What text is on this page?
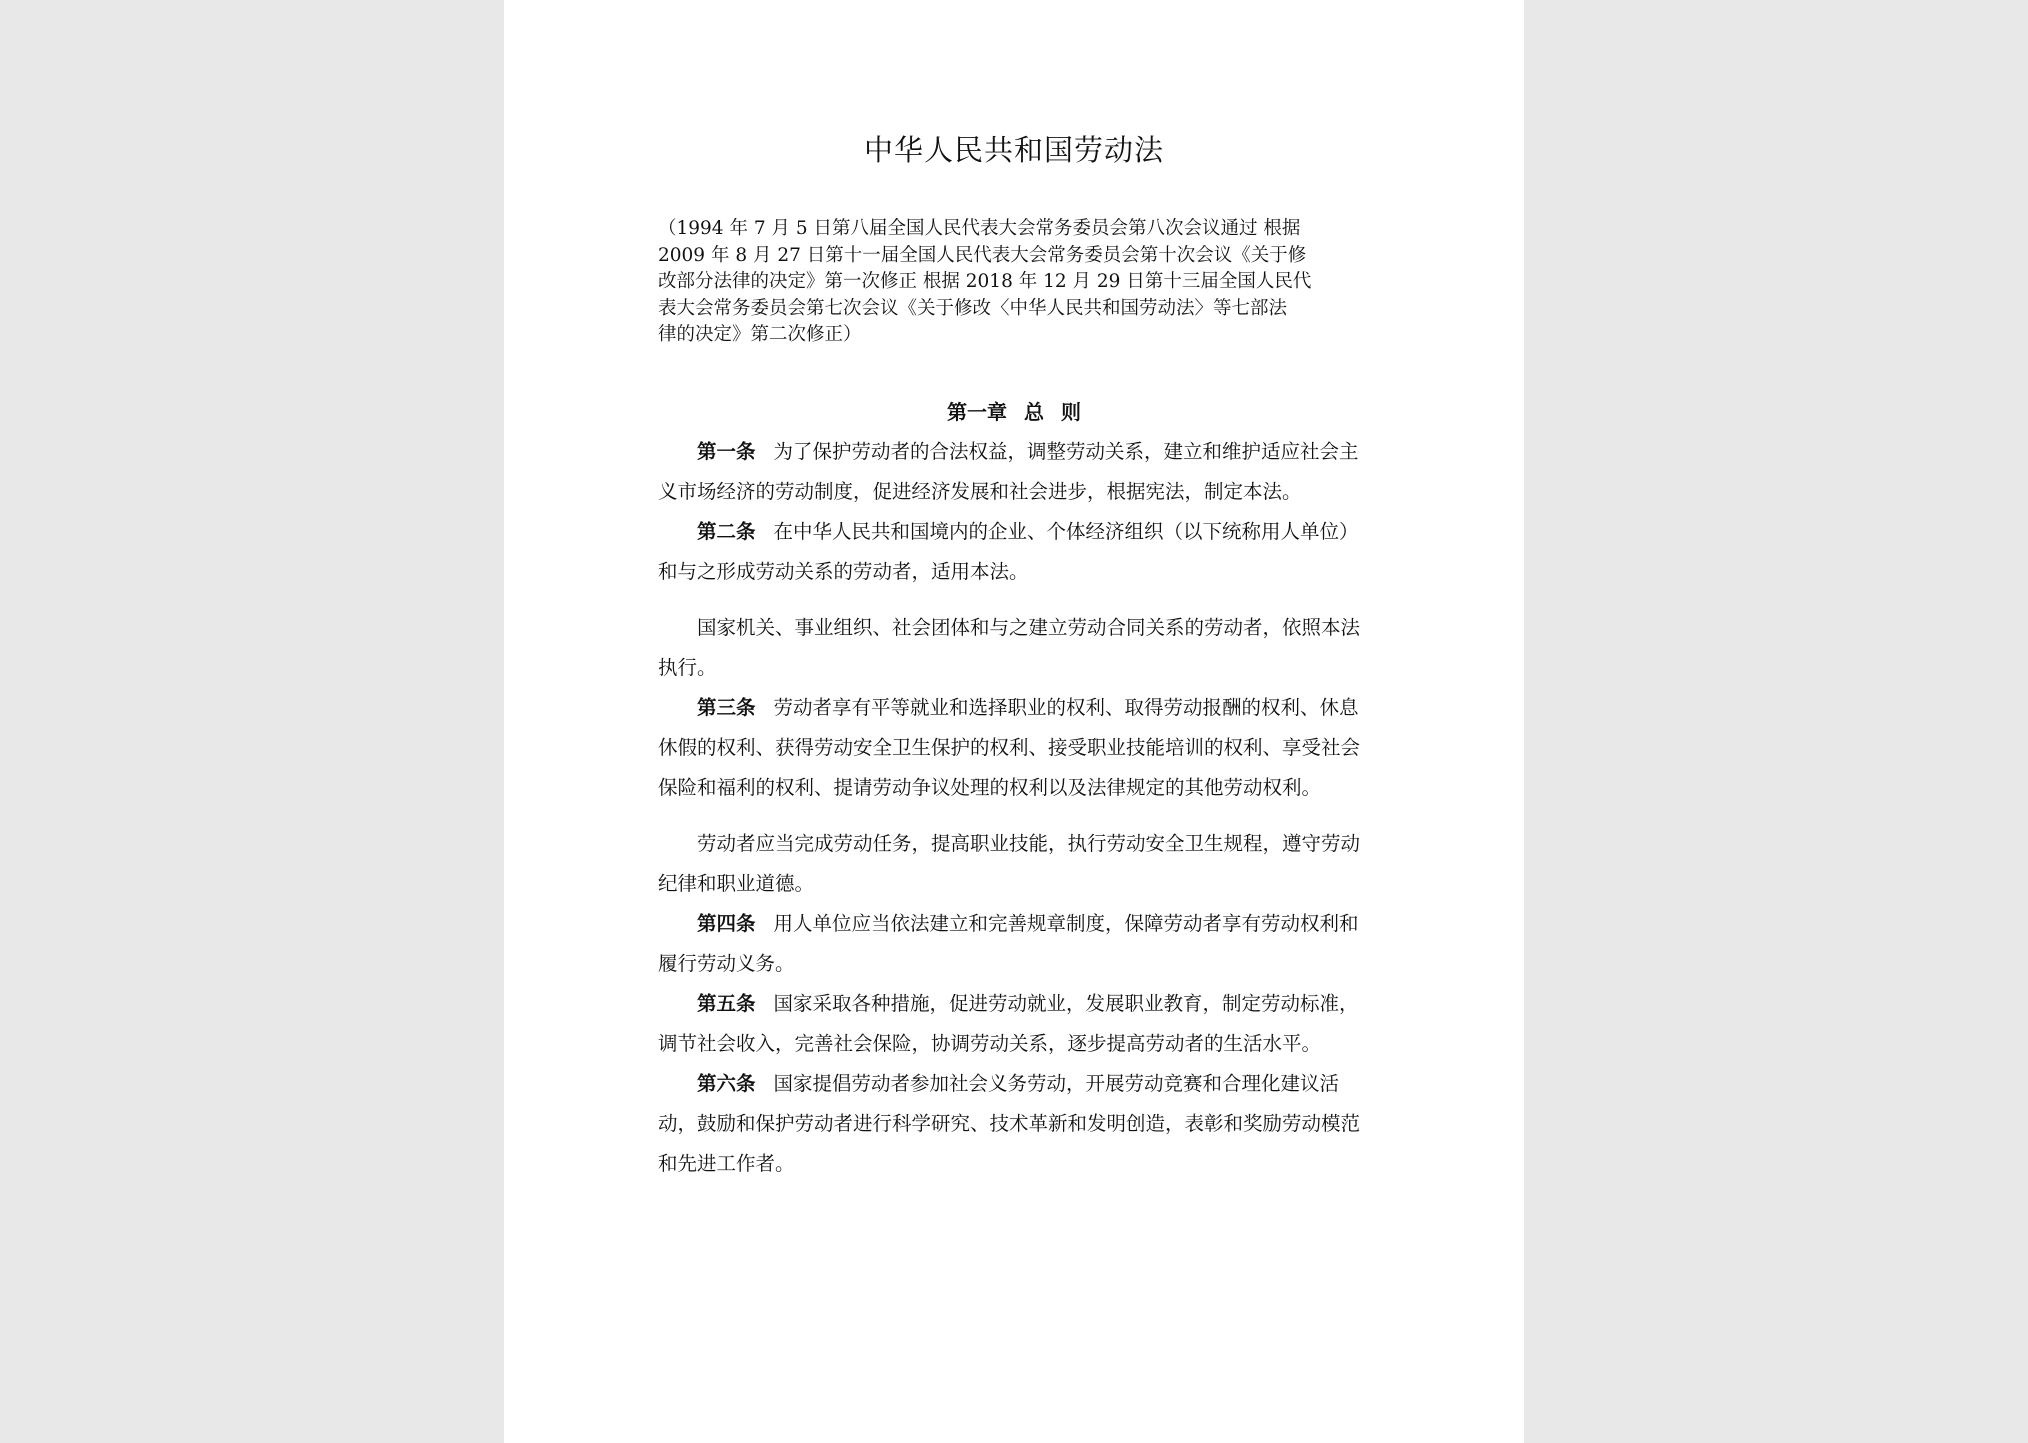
中华人民共和国劳动法

（1994 年 7 月 5 日第八届全国人民代表大会常务委员会第八次会议通过 根据
2009 年 8 月 27 日第十一届全国人民代表大会常务委员会第十次会议《关于修
改部分法律的决定》第一次修正 根据 2018 年 12 月 29 日第十三届全国人民代
表大会常务委员会第七次会议《关于修改〈中华人民共和国劳动法〉等七部法
律的决定》第二次修正）

第一章 总 则

第一条 为了保护劳动者的合法权益，调整劳动关系，建立和维护适应社会主义市场经济的劳动制度，促进经济发展和社会进步，根据宪法，制定本法。

第二条 在中华人民共和国境内的企业、个体经济组织（以下统称用人单位）和与之形成劳动关系的劳动者，适用本法。

国家机关、事业组织、社会团体和与之建立劳动合同关系的劳动者，依照本法执行。

第三条 劳动者享有平等就业和选择职业的权利、取得劳动报酬的权利、休息休假的权利、获得劳动安全卫生保护的权利、接受职业技能培训的权利、享受社会保险和福利的权利、提请劳动争议处理的权利以及法律规定的其他劳动权利。

劳动者应当完成劳动任务，提高职业技能，执行劳动安全卫生规程，遵守劳动纪律和职业道德。

第四条 用人单位应当依法建立和完善规章制度，保障劳动者享有劳动权利和履行劳动义务。

第五条 国家采取各种措施，促进劳动就业，发展职业教育，制定劳动标准，调节社会收入，完善社会保险，协调劳动关系，逐步提高劳动者的生活水平。

第六条 国家提倡劳动者参加社会义务劳动，开展劳动竞赛和合理化建议活动，鼓励和保护劳动者进行科学研究、技术革新和发明创造，表彰和奖励劳动模范和先进工作者。
